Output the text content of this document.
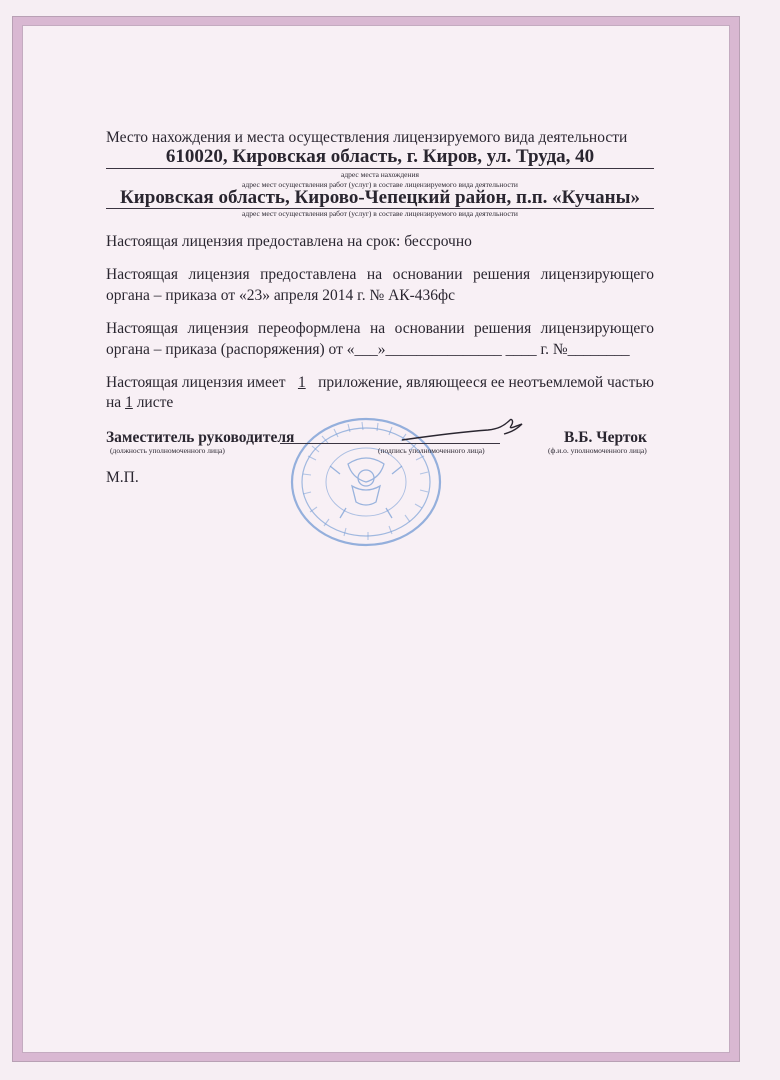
Место нахождения и места осуществления лицензируемого вида деятельности
610020, Кировская область, г. Киров, ул. Труда, 40
адрес места нахождения
адрес мест осуществления работ (услуг) в составе лицензируемого вида деятельности
Кировская область, Кирово-Чепецкий район, п.п. «Кучаны»
адрес мест осуществления работ (услуг) в составе лицензируемого вида деятельности
Настоящая лицензия предоставлена на срок: бессрочно
Настоящая лицензия предоставлена на основании решения лицензирующего
органа – приказа от «23» апреля 2014 г. № АК-436фс
Настоящая лицензия переоформлена на основании решения лицензирующего
органа – приказа (распоряжения) от «___»_______________ ____ г. №________
Настоящая лицензия имеет 1 приложение, являющееся ее неотъемлемой частью
на 1 листе
Заместитель руководителя	В.Б. Черток
(должность уполномоченного лица)	(подпись уполномоченного лица)	(ф.и.о. уполномоченного лица)
М.П.
